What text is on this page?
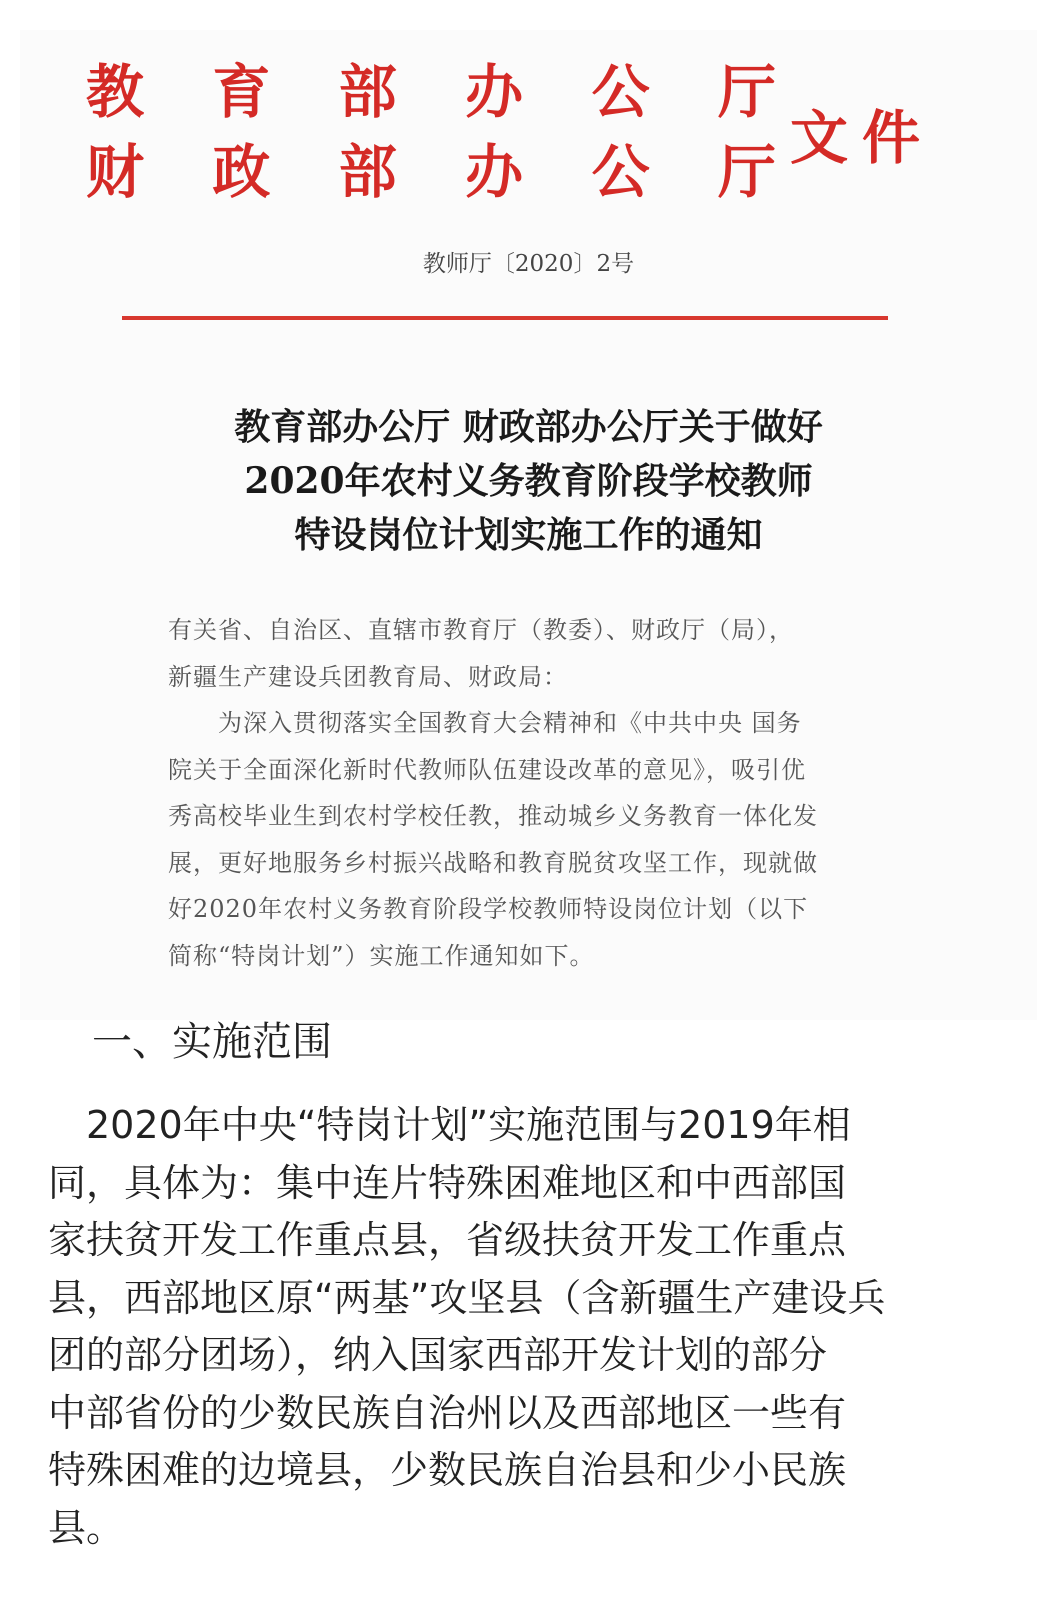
教 育 部 办 公 厅
财 政 部 办 公 厅 文件
教师厅〔2020〕2号
教育部办公厅 财政部办公厅关于做好
2020年农村义务教育阶段学校教师
特设岗位计划实施工作的通知
有关省、自治区、直辖市教育厅（教委）、财政厅（局），
新疆生产建设兵团教育局、财政局：
　　为深入贯彻落实全国教育大会精神和《中共中央 国务
院关于全面深化新时代教师队伍建设改革的意见》，吸引优
秀高校毕业生到农村学校任教，推动城乡义务教育一体化发
展，更好地服务乡村振兴战略和教育脱贫攻坚工作，现就做
好2020年农村义务教育阶段学校教师特设岗位计划（以下
简称“特岗计划”）实施工作通知如下。
一、实施范围
　2020年中央“特岗计划”实施范围与2019年相
同，具体为：集中连片特殊困难地区和中西部国
家扶贫开发工作重点县，省级扶贫开发工作重点
县，西部地区原“两基”攻坚县（含新疆生产建设兵
团的部分团场），纳入国家西部开发计划的部分
中部省份的少数民族自治州以及西部地区一些有
特殊困难的边境县，少数民族自治县和少小民族
县。
